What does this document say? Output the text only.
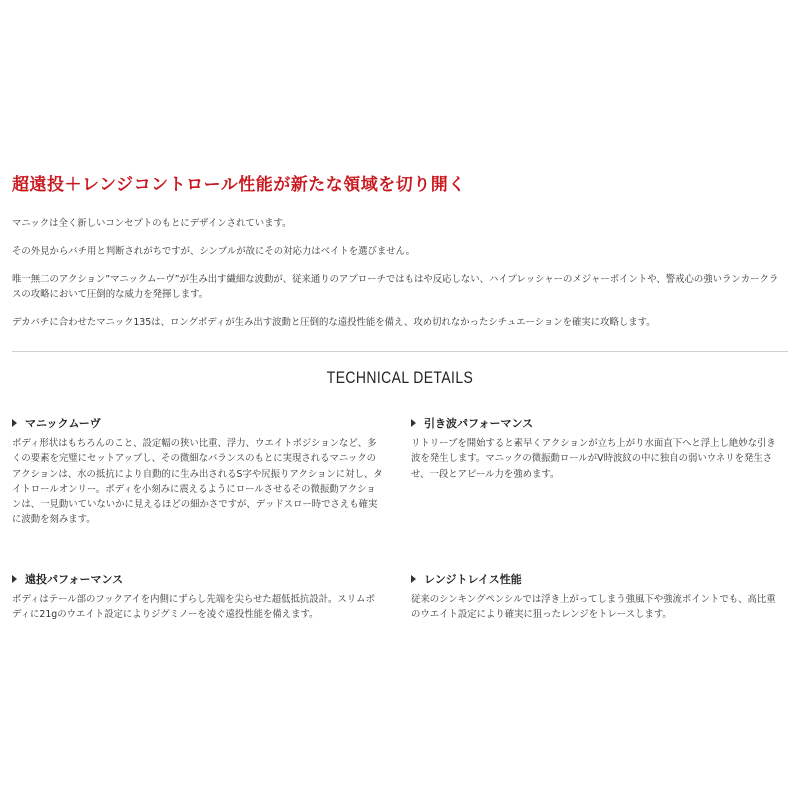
超遠投＋レンジコントロール性能が新たな領域を切り開く

マニックは全く新しいコンセプトのもとにデザインされています。

その外見からバチ用と判断されがちですが、シンプルが故にその対応力はベイトを選びません。

唯一無二のアクション”マニックムーヴ”が生み出す繊細な波動が、従来通りのアプローチではもはや反応しない、ハイプレッシャーのメジャーポイントや、警戒心の強いランカークラスの攻略において圧倒的な威力を発揮します。

デカバチに合わせたマニック135は、ロングボディが生み出す波動と圧倒的な遠投性能を備え、攻め切れなかったシチュエーションを確実に攻略します。

TECHNICAL DETAILS
マニックムーヴ
ボディ形状はもちろんのこと、設定幅の狭い比重、浮力、ウエイトポジションなど、多くの要素を完璧にセットアップし、その微細なバランスのもとに実現されるマニックのアクションは、水の抵抗により自動的に生み出されるS字や尻振りアクションに対し、タイトロールオンリー。ボディを小刻みに震えるようにロールさせるその微振動アクションは、一見動いていないかに見えるほどの細かさですが、デッドスロー時でさえも確実に波動を刻みます。
引き波パフォーマンス
リトリーブを開始すると素早くアクションが立ち上がり水面直下へと浮上し絶妙な引き波を発生します。マニックの微振動ロールがV時波紋の中に独自の弱いウネリを発生させ、一段とアピール力を強めます。
遠投パフォーマンス
ボディはテール部のフックアイを内側にずらし先端を尖らせた超低抵抗設計。スリムボディに21gのウエイト設定によりジグミノーを凌ぐ遠投性能を備えます。
レンジトレイス性能
従来のシンキングペンシルでは浮き上がってしまう強風下や強流ポイントでも、高比重のウエイト設定により確実に狙ったレンジをトレースします。
